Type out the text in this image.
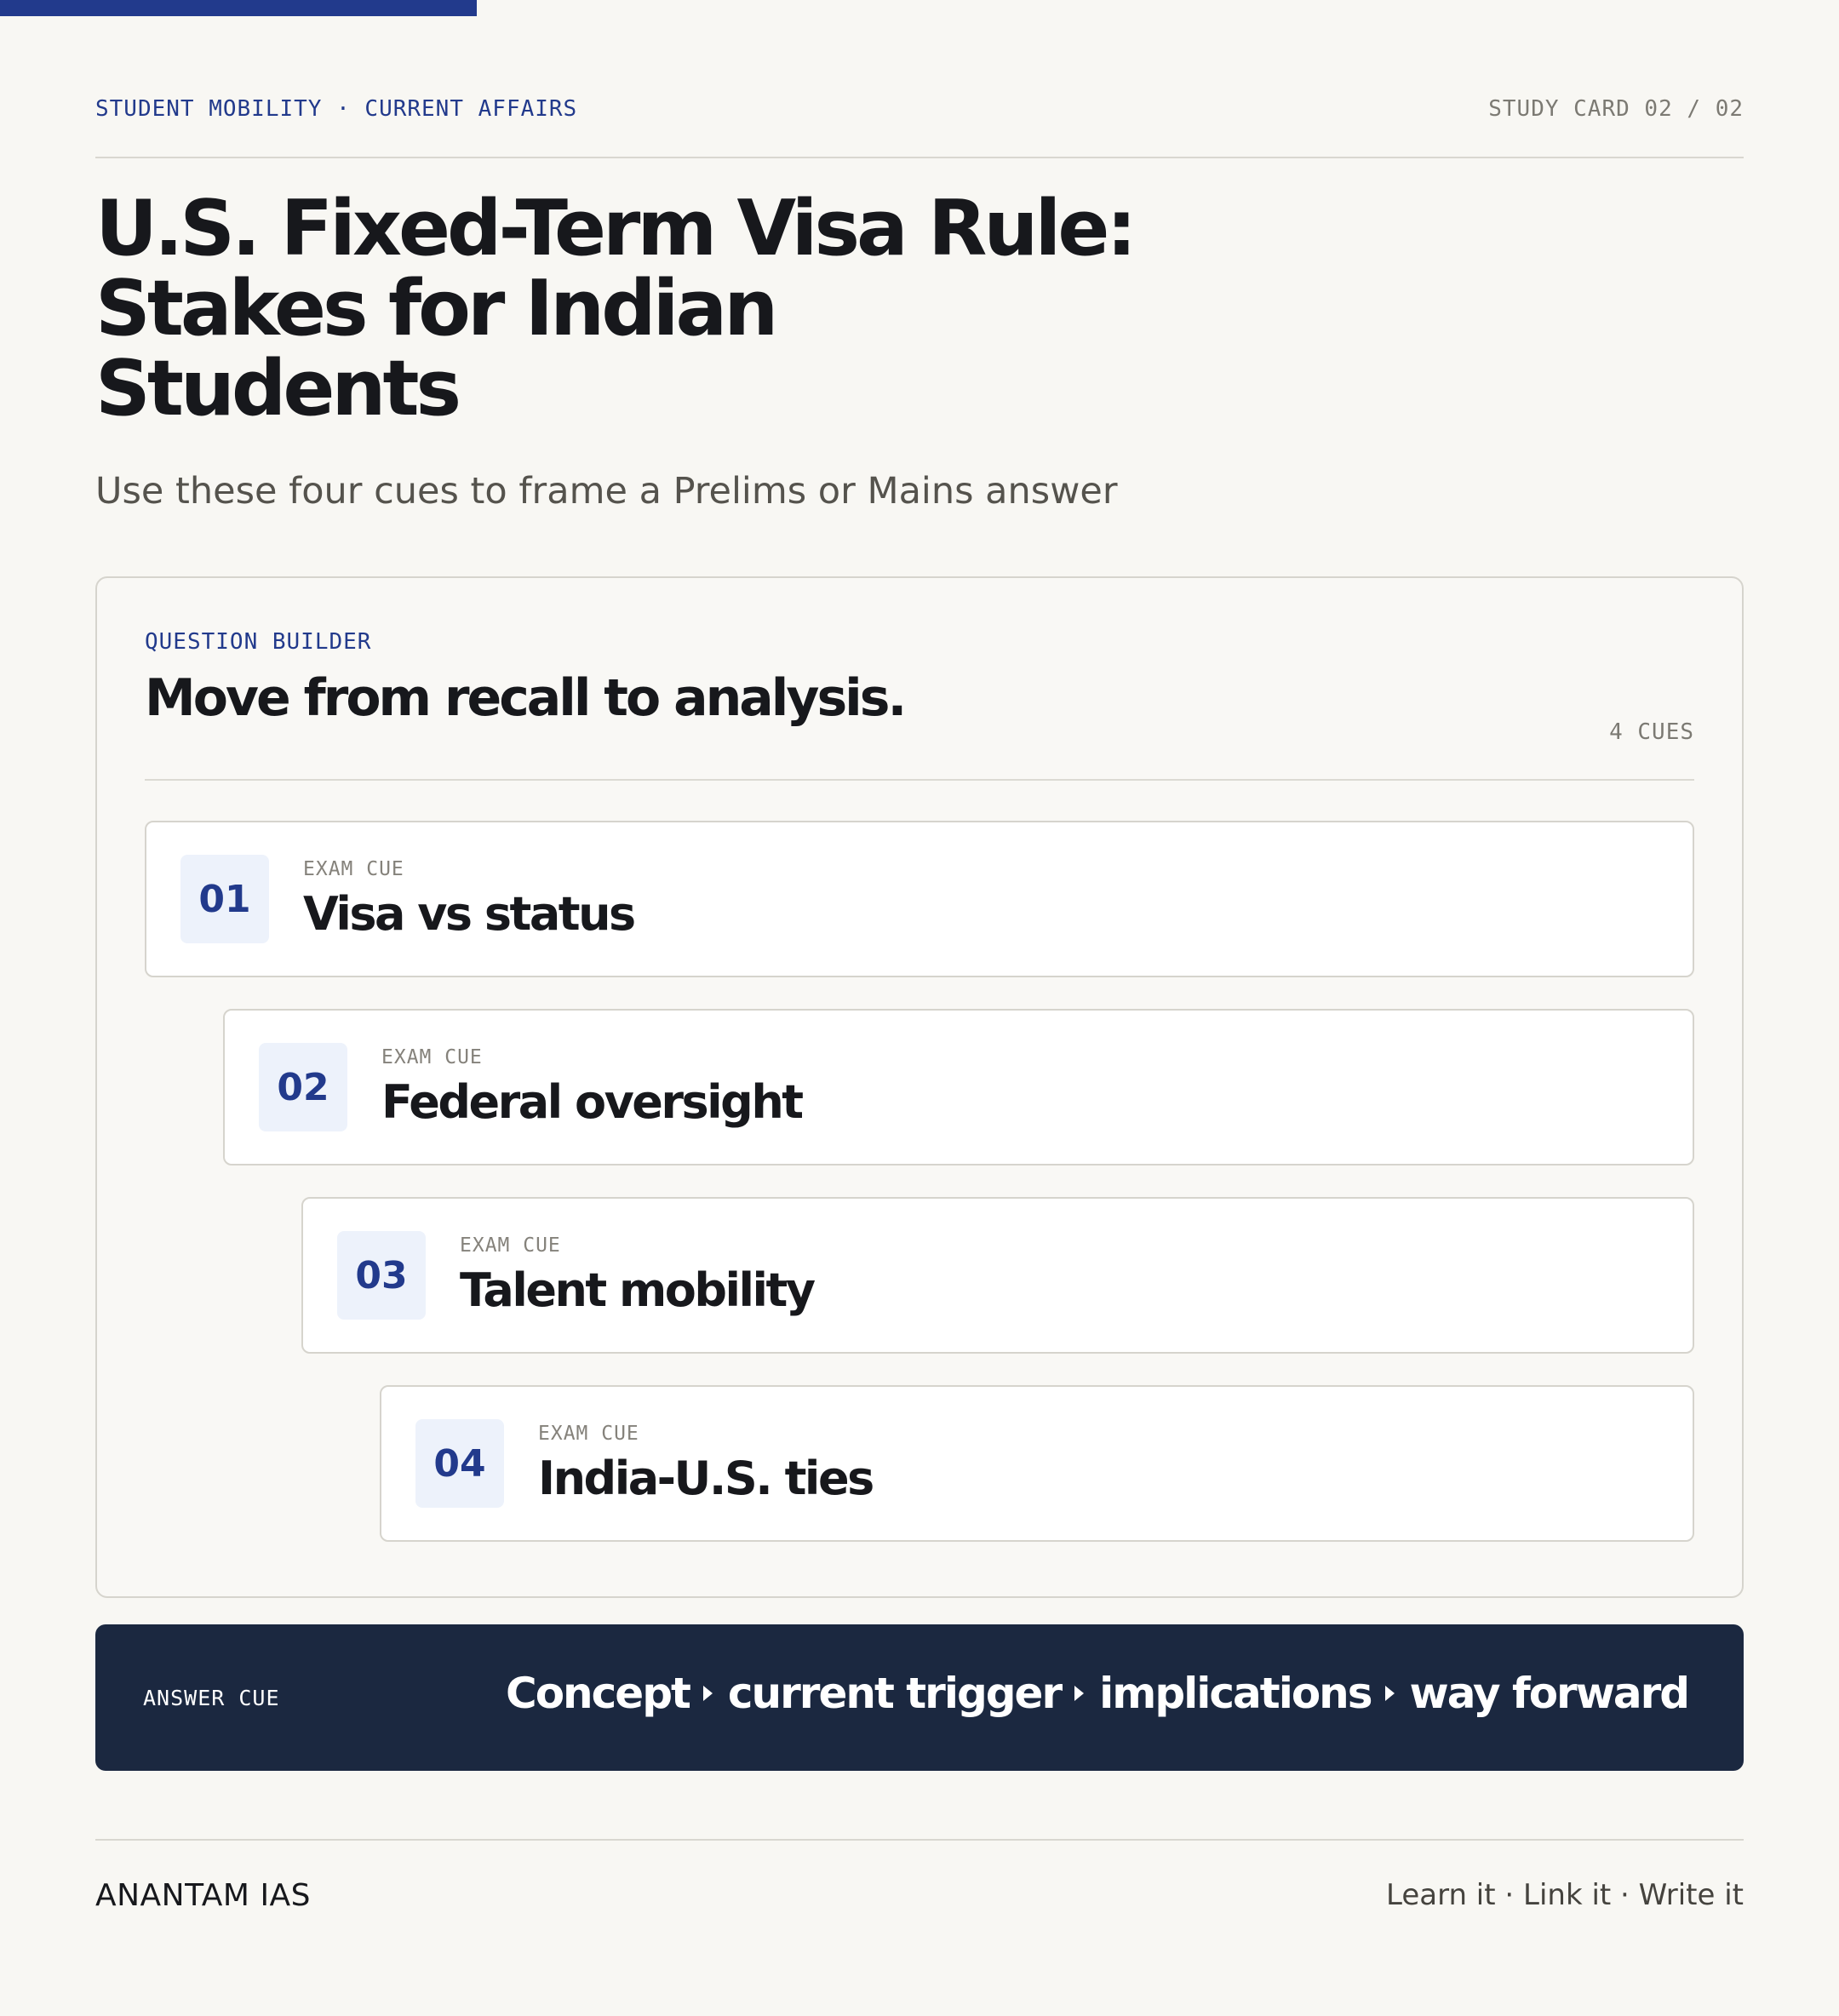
STUDENT MOBILITY · CURRENT AFFAIRS	STUDY CARD 02 / 02
U.S. Fixed-Term Visa Rule:
Stakes for Indian
Students

Use these four cues to frame a Prelims or Mains answer

QUESTION BUILDER
Move from recall to analysis.
4 CUES
01
EXAM CUE
Visa vs status
02
EXAM CUE
Federal oversight
03
EXAM CUE
Talent mobility
04
EXAM CUE
India-U.S. ties
ANSWER CUE	Concept current trigger implications way forward
ANANTAM IAS	Learn it · Link it · Write it
